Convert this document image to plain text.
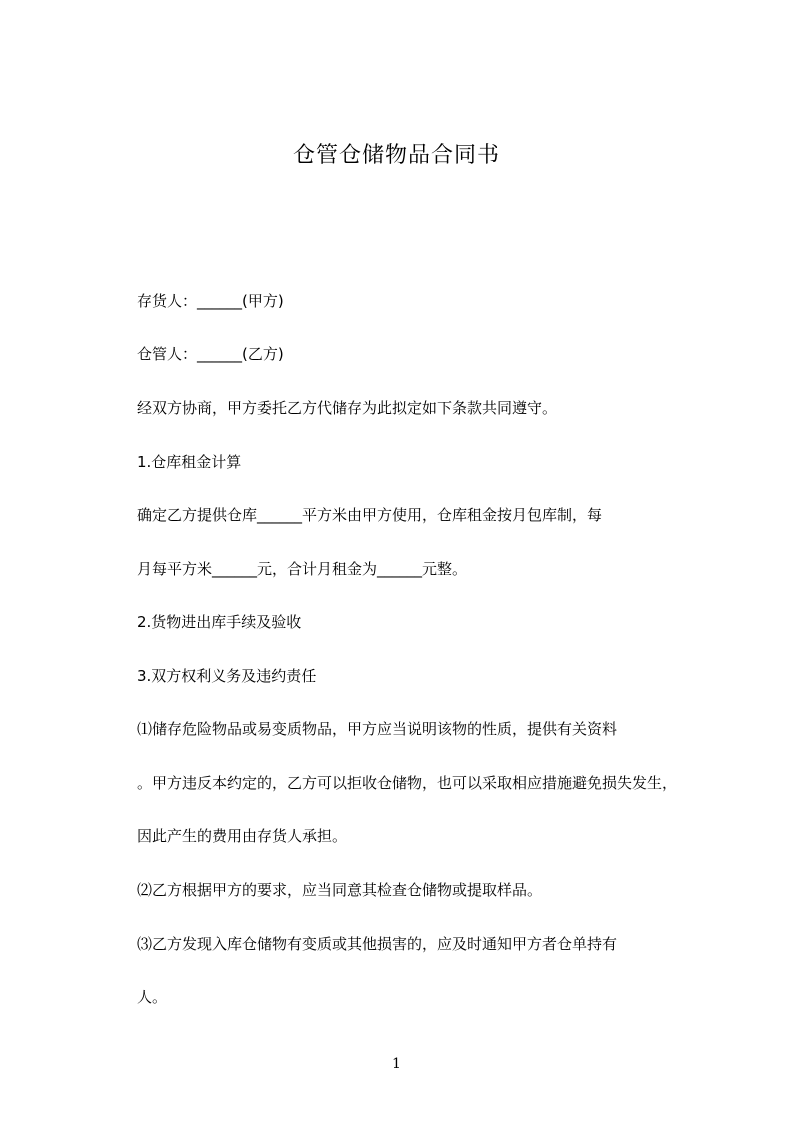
仓管仓储物品合同书
存货人：______(甲方)
仓管人：______(乙方)
经双方协商，甲方委托乙方代储存为此拟定如下条款共同遵守。
1.仓库租金计算
确定乙方提供仓库______平方米由甲方使用，仓库租金按月包库制，每
月每平方米______元，合计月租金为______元整。
2.货物进出库手续及验收
3.双方权利义务及违约责任
⑴储存危险物品或易变质物品，甲方应当说明该物的性质，提供有关资料
。甲方违反本约定的，乙方可以拒收仓储物，也可以采取相应措施避免损失发生，
因此产生的费用由存货人承担。
⑵乙方根据甲方的要求，应当同意其检查仓储物或提取样品。
⑶乙方发现入库仓储物有变质或其他损害的，应及时通知甲方者仓单持有
人。
1
